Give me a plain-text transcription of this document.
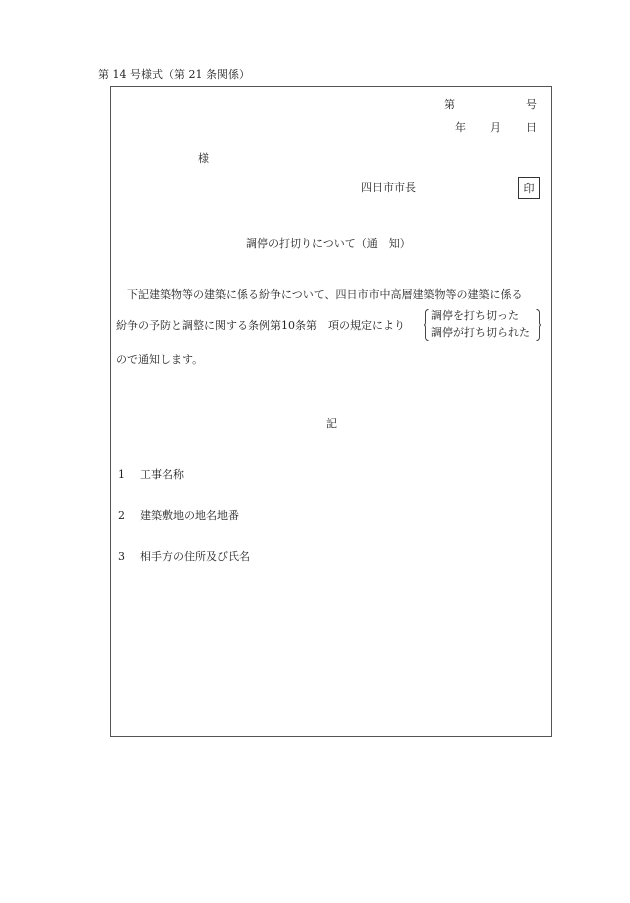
第 14 号様式（第 21 条関係）
第	号
年 月 日
様
四日市市長	印
調停の打切りについて（通　知）
下記建築物等の建築に係る紛争について、四日市市中高層建築物等の建築に係る
紛争の予防と調整に関する条例第10条第　項の規定により
調停を打ち切った
調停が打ち切られた
ので通知します。
記
1 工事名称
2 建築敷地の地名地番
3 相手方の住所及び氏名
